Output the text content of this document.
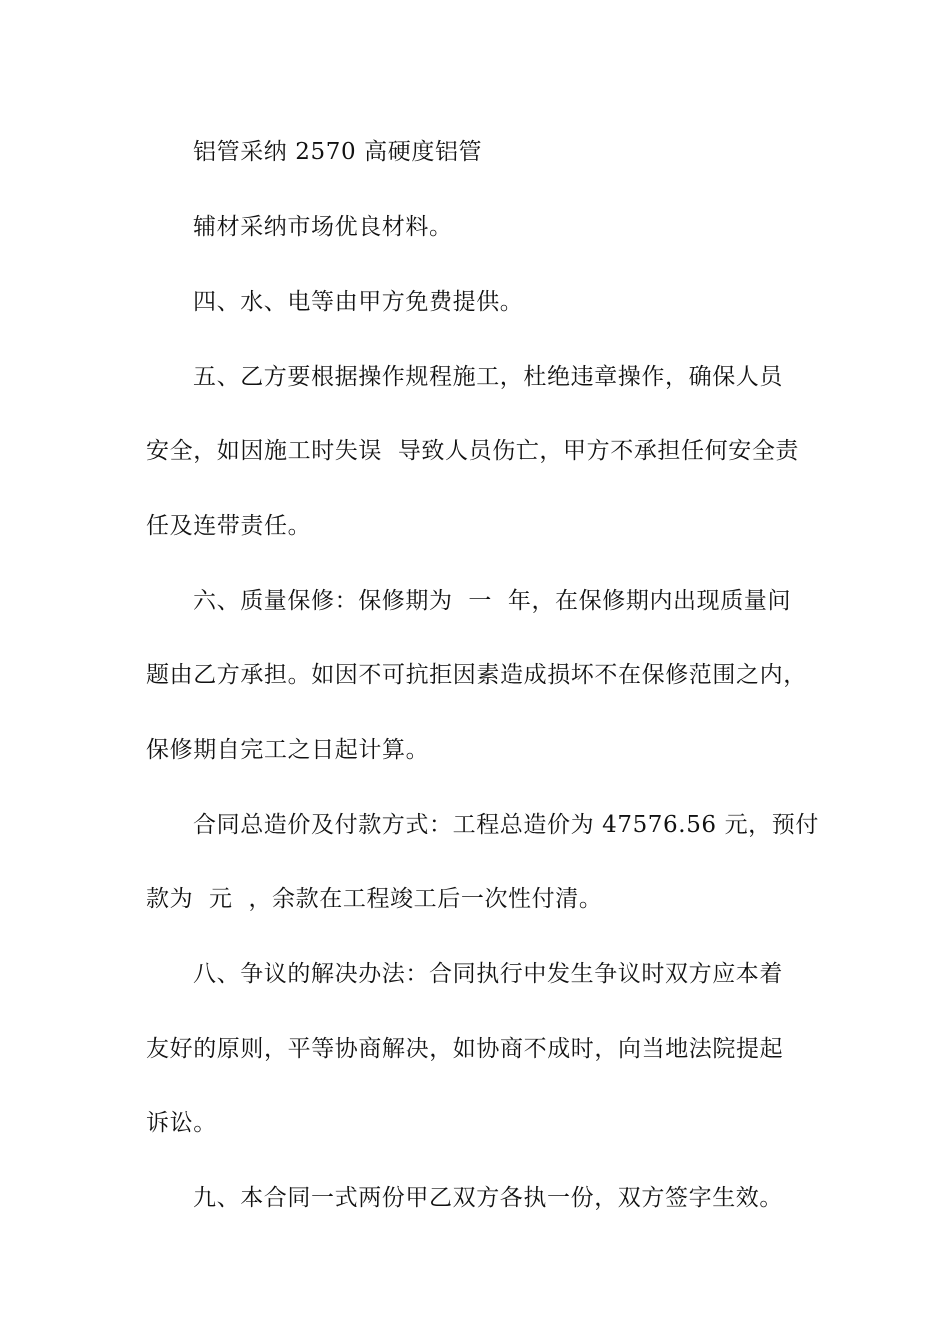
铝管采纳 2570 高硬度铝管
辅材采纳市场优良材料。
四、水、电等由甲方免费提供。
五、乙方要根据操作规程施工，杜绝违章操作，确保人员
安全，如因施工时失误  导致人员伤亡，甲方不承担任何安全责
任及连带责任。
六、质量保修：保修期为  一  年，在保修期内出现质量问
题由乙方承担。如因不可抗拒因素造成损坏不在保修范围之内，
保修期自完工之日起计算。
合同总造价及付款方式：工程总造价为 47576.56 元，预付
款为  元  ，余款在工程竣工后一次性付清。
八、争议的解决办法：合同执行中发生争议时双方应本着
友好的原则，平等协商解决，如协商不成时，向当地法院提起
诉讼。
九、本合同一式两份甲乙双方各执一份，双方签字生效。
